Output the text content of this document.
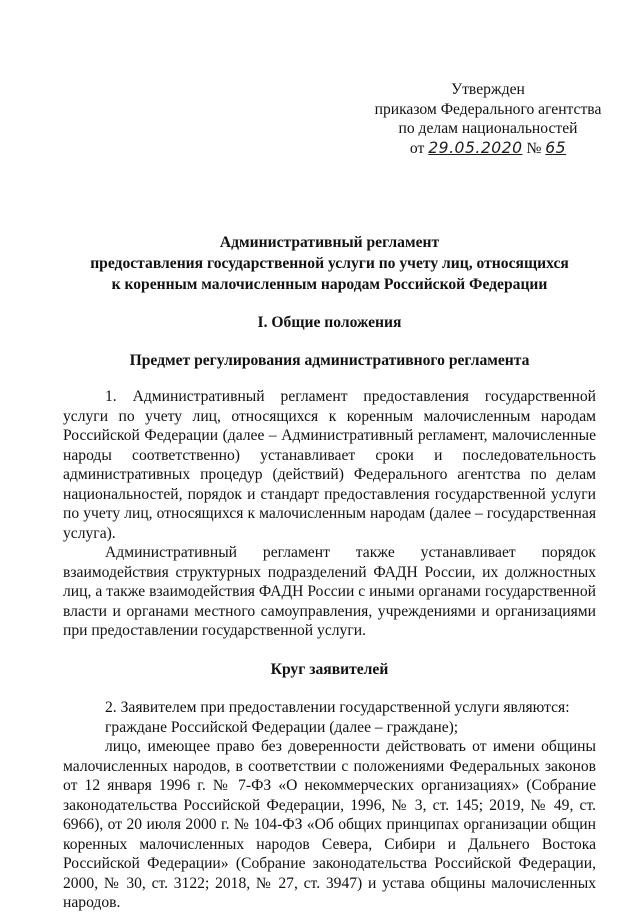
Утвержден
приказом Федерального агентства
по делам национальностей
от 29.05.2020 № 65
Административный регламент
предоставления государственной услуги по учету лиц, относящихся
к коренным малочисленным народам Российской Федерации
I. Общие положения
Предмет регулирования административного регламента

1. Административный регламент предоставления государственной услуги по учету лиц, относящихся к коренным малочисленным народам Российской Федерации (далее – Административный регламент, малочисленные народы соответственно) устанавливает сроки и последовательность административных процедур (действий) Федерального агентства по делам национальностей, порядок и стандарт предоставления государственной услуги по учету лиц, относящихся к малочисленным народам (далее – государственная услуга).

Административный регламент также устанавливает порядок взаимодействия структурных подразделений ФАДН России, их должностных лиц, а также взаимодействия ФАДН России с иными органами государственной власти и органами местного самоуправления, учреждениями и организациями при предоставлении государственной услуги.

Круг заявителей

2. Заявителем при предоставлении государственной услуги являются:

граждане Российской Федерации (далее – граждане);

лицо, имеющее право без доверенности действовать от имени общины малочисленных народов, в соответствии с положениями Федеральных законов от 12 января 1996 г. № 7-ФЗ «О некоммерческих организациях» (Собрание законодательства Российской Федерации, 1996, № 3, ст. 145; 2019, № 49, ст. 6966), от 20 июля 2000 г. № 104-ФЗ «Об общих принципах организации общин коренных малочисленных народов Севера, Сибири и Дальнего Востока Российской Федерации» (Собрание законодательства Российской Федерации, 2000, № 30, ст. 3122; 2018, № 27, ст. 3947) и устава общины малочисленных народов.
